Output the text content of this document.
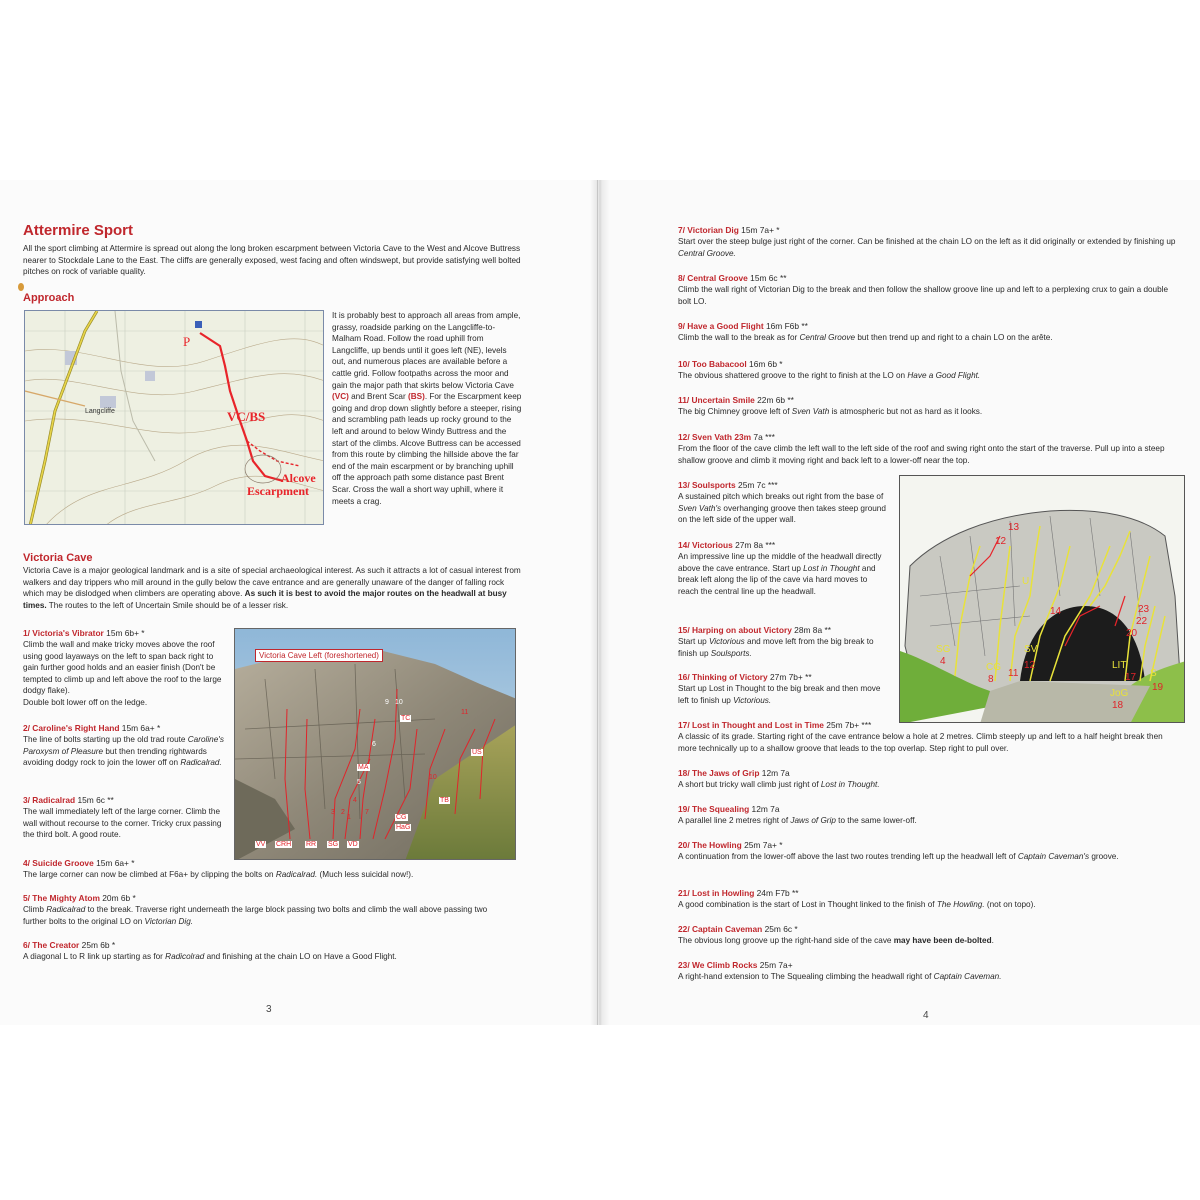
Attermire Sport
All the sport climbing at Attermire is spread out along the long broken escarpment between Victoria Cave to the West and Alcove Buttress nearer to Stockdale Lane to the East. The cliffs are generally exposed, west facing and often windswept, but provide satisfying well bolted pitches on rock of variable quality.
Approach
P
VC/BS
Alcove
Escarpment
Langcliffe
It is probably best to approach all areas from ample, grassy, roadside parking on the Langcliffe-to-Malham Road. Follow the road uphill from Langcliffe, up bends until it goes left (NE), levels out, and numerous places are available before a cattle grid. Follow footpaths across the moor and gain the major path that skirts below Victoria Cave (VC) and Brent Scar (BS). For the Escarpment keep going and drop down slightly before a steeper, rising and scrambling path leads up rocky ground to the left and around to below Windy Buttress and the start of the climbs. Alcove Buttress can be accessed from this route by climbing the hillside above the far end of the main escarpment or by branching uphill off the approach path some distance past Brent Scar. Cross the wall a short way uphill, where it meets a crag.
Victoria Cave
Victoria Cave is a major geological landmark and is a site of special archaeological interest. As such it attracts a lot of casual interest from walkers and day trippers who mill around in the gully below the cave entrance and are generally unaware of the danger of falling rock which may be dislodged when climbers are operating above. As such it is best to avoid the major routes on the headwall at busy times. The routes to the left of Uncertain Smile should be of a lesser risk.
Victoria Cave Left (foreshortened)
9 10
11
TC
6
MA
5
US
10
TB
4
3 2
1
7
CG
HaG
VV CRH RR SG VD
1/ Victoria's Vibrator 15m 6b+ *
Climb the wall and make tricky moves above the roof using good layaways on the left to span back right to gain further good holds and an easier finish (Don't be tempted to climb up and left above the roof to the large dodgy flake).
Double bolt lower off on the ledge.
2/ Caroline's Right Hand 15m 6a+ *
The line of bolts starting up the old trad route Caroline's Paroxysm of Pleasure but then trending rightwards avoiding dodgy rock to join the lower off on Radicalrad.
3/ Radicalrad 15m 6c **
The wall immediately left of the large corner. Climb the wall without recourse to the corner. Tricky crux passing the third bolt. A good route.
4/ Suicide Groove 15m 6a+ *
The large corner can now be climbed at F6a+ by clipping the bolts on Radicalrad. (Much less suicidal now!).
5/ The Mighty Atom 20m 6b *
Climb Radicalrad to the break. Traverse right underneath the large block passing two bolts and climb the wall above passing two further bolts to the original LO on Victorian Dig.
6/ The Creator 25m 6b *
A diagonal L to R link up starting as for Radicolrad and finishing at the chain LO on Have a Good Flight.
3
7/ Victorian Dig 15m 7a+ *
Start over the steep bulge just right of the corner. Can be finished at the chain LO on the left as it did originally or extended by finishing up Central Groove.
8/ Central Groove 15m 6c **
Climb the wall right of Victorian Dig to the break and then follow the shallow groove line up and left to a perplexing crux to gain a double bolt LO.
9/ Have a Good Flight 16m F6b **
Climb the wall to the break as for Central Groove but then trend up and right to a chain LO on the arête.
10/ Too Babacool 16m 6b *
The obvious shattered groove to the right to finish at the LO on Have a Good Flight.
11/ Uncertain Smile 22m 6b **
The big Chimney groove left of Sven Vath is atmospheric but not as hard as it looks.
12/ Sven Vath 23m 7a ***
From the floor of the cave climb the left wall to the left side of the roof and swing right onto the start of the traverse. Pull up into a steep shallow groove and climb it moving right and back left to a lower-off near the top.
13/ Soulsports 25m 7c ***
A sustained pitch which breaks out right from the base of Sven Vath's overhanging groove then takes steep ground on the left side of the upper wall.
14/ Victorious 27m 8a ***
An impressive line up the middle of the headwall directly above the cave entrance. Start up Lost in Thought and break left along the lip of the cave via hard moves to reach the central line up the headwall.
15/ Harping on about Victory 28m 8a **
Start up Victorious and move left from the big break to finish up Soulsports.
16/ Thinking of Victory 27m 7b+ **
Start up Lost in Thought to the big break and then move left to finish up Victorious.
13
12
U
14	23
22
20
SG
4
SV
CG
8
11
12	LIT
17 S
19
JoG
18
17/ Lost in Thought and Lost in Time 25m 7b+ ***
A classic of its grade. Starting right of the cave entrance below a hole at 2 metres. Climb steeply up and left to a half height break then more technically up to a shallow groove that leads to the top overlap. Step right to pull over.
18/ The Jaws of Grip 12m 7a
A short but tricky wall climb just right of Lost in Thought.
19/ The Squealing 12m 7a
A parallel line 2 metres right of Jaws of Grip to the same lower-off.
20/ The Howling 25m 7a+ *
A continuation from the lower-off above the last two routes trending left up the headwall left of Captain Caveman's groove.
21/ Lost in Howling 24m F7b **
A good combination is the start of Lost in Thought linked to the finish of The Howling. (not on topo).
22/ Captain Caveman 25m 6c *
The obvious long groove up the right-hand side of the cave may have been de-bolted.
23/ We Climb Rocks 25m 7a+
A right-hand extension to The Squealing climbing the headwall right of Captain Caveman.
4
